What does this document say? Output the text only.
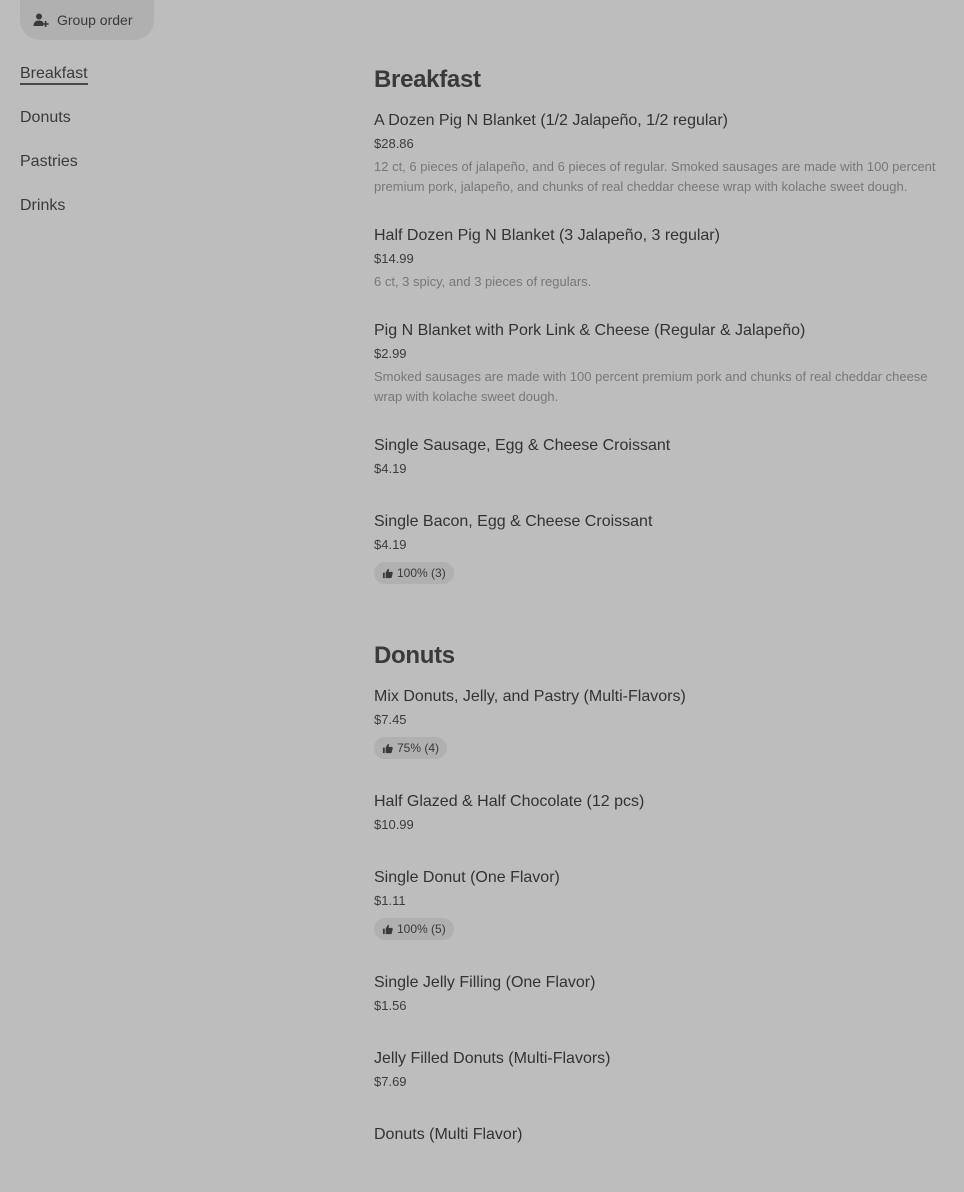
Group order
Breakfast
Donuts
Pastries
Drinks
Breakfast
A Dozen Pig N Blanket (1/2 Jalapeño, 1/2 regular)
$28.86
12 ct, 6 pieces of jalapeño, and 6 pieces of regular. Smoked sausages are made with 100 percent premium pork, jalapeño, and chunks of real cheddar cheese wrap with kolache sweet dough.
Half Dozen Pig N Blanket (3 Jalapeño, 3 regular)
$14.99
6 ct, 3 spicy, and 3 pieces of regulars.
Pig N Blanket with Pork Link & Cheese (Regular & Jalapeño)
$2.99
Smoked sausages are made with 100 percent premium pork and chunks of real cheddar cheese wrap with kolache sweet dough.
Single Sausage, Egg & Cheese Croissant
$4.19
Single Bacon, Egg & Cheese Croissant
$4.19
100% (3)
Donuts
Mix Donuts, Jelly, and Pastry (Multi-Flavors)
$7.45
75% (4)
Half Glazed & Half Chocolate (12 pcs)
$10.99
Single Donut (One Flavor)
$1.11
100% (5)
Single Jelly Filling (One Flavor)
$1.56
Jelly Filled Donuts (Multi-Flavors)
$7.69
Donuts (Multi Flavor)
